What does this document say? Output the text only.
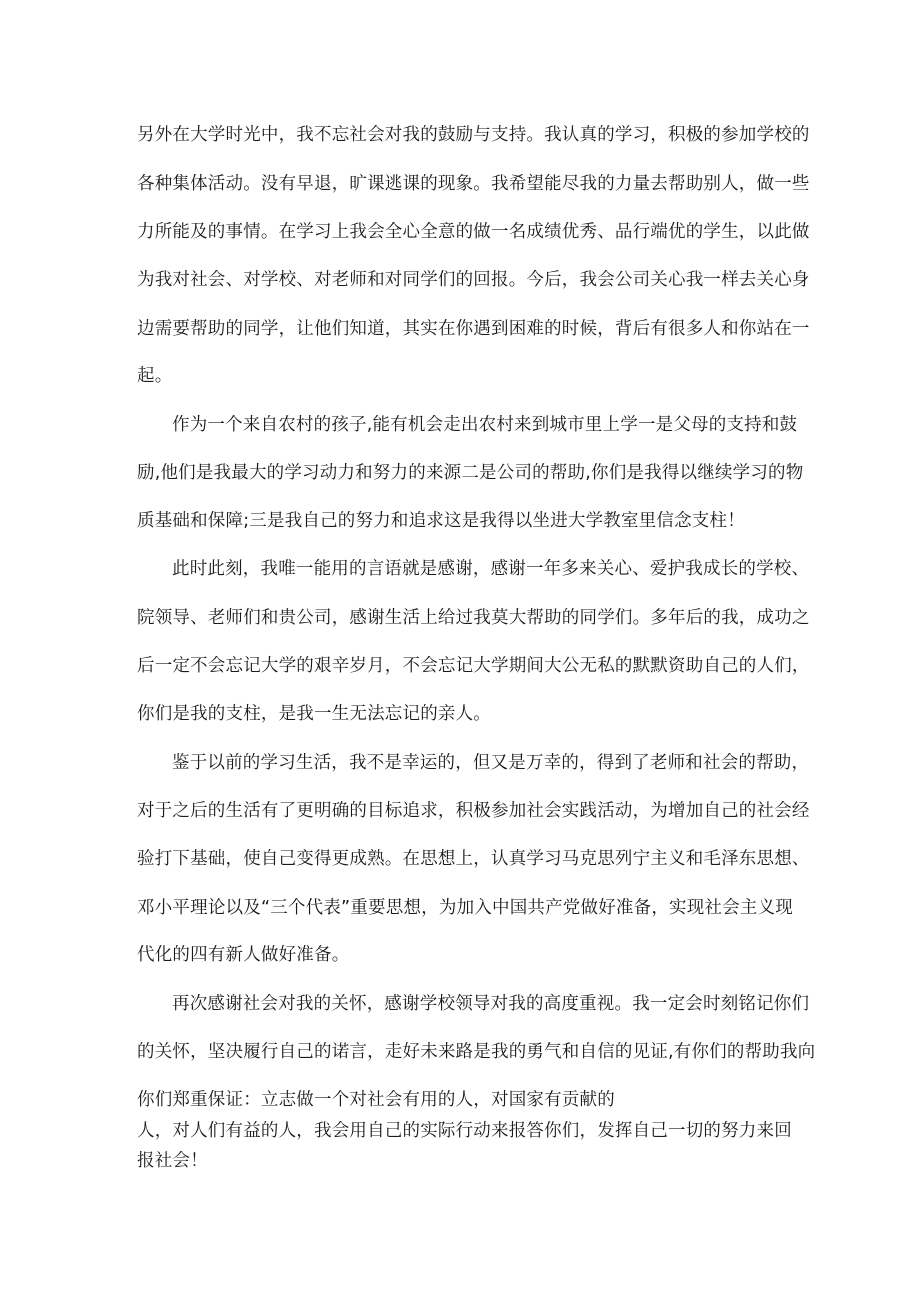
另外在大学时光中，我不忘社会对我的鼓励与支持。我认真的学习，积极的参加学校的
各种集体活动。没有早退，旷课逃课的现象。我希望能尽我的力量去帮助别人，做一些
力所能及的事情。在学习上我会全心全意的做一名成绩优秀、品行端优的学生，以此做
为我对社会、对学校、对老师和对同学们的回报。今后，我会公司关心我一样去关心身
边需要帮助的同学，让他们知道，其实在你遇到困难的时候，背后有很多人和你站在一
起。
作为一个来自农村的孩子,能有机会走出农村来到城市里上学一是父母的支持和鼓
励,他们是我最大的学习动力和努力的来源二是公司的帮助,你们是我得以继续学习的物
质基础和保障;三是我自己的努力和追求这是我得以坐进大学教室里信念支柱！
此时此刻，我唯一能用的言语就是感谢，感谢一年多来关心、爱护我成长的学校、
院领导、老师们和贵公司，感谢生活上给过我莫大帮助的同学们。多年后的我，成功之
后一定不会忘记大学的艰辛岁月，不会忘记大学期间大公无私的默默资助自己的人们，
你们是我的支柱，是我一生无法忘记的亲人。
鉴于以前的学习生活，我不是幸运的，但又是万幸的，得到了老师和社会的帮助，
对于之后的生活有了更明确的目标追求，积极参加社会实践活动，为增加自己的社会经
验打下基础，使自己变得更成熟。在思想上，认真学习马克思列宁主义和毛泽东思想、
邓小平理论以及“三个代表”重要思想，为加入中国共产党做好准备，实现社会主义现
代化的四有新人做好准备。
再次感谢社会对我的关怀，感谢学校领导对我的高度重视。我一定会时刻铭记你们
的关怀，坚决履行自己的诺言，走好未来路是我的勇气和自信的见证,有你们的帮助我向
你们郑重保证：立志做一个对社会有用的人，对国家有贡献的
人，对人们有益的人，我会用自己的实际行动来报答你们，发挥自己一切的努力来回
报社会！
